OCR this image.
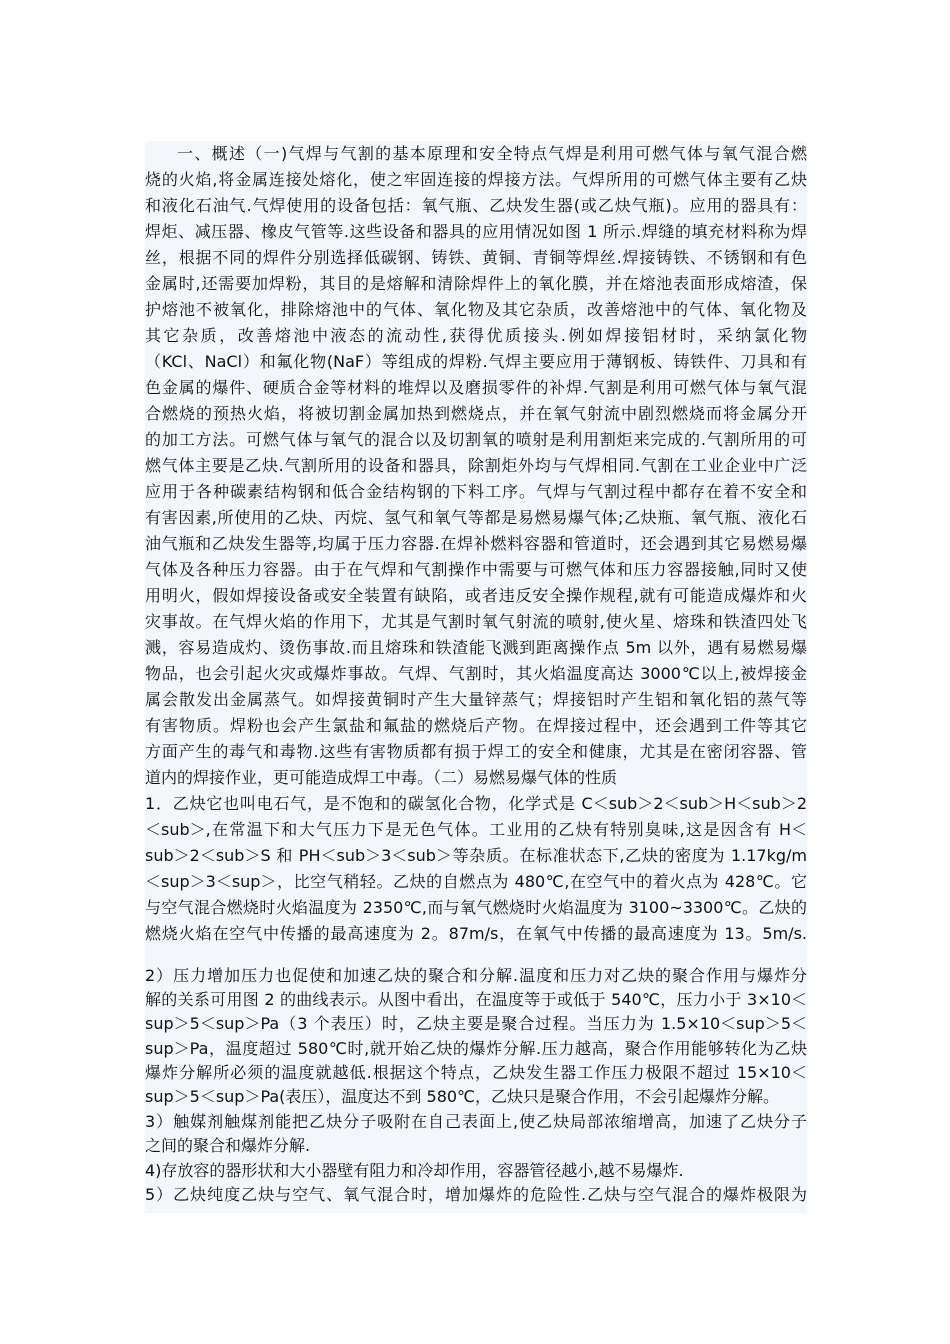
一、概述（一)气焊与气割的基本原理和安全特点气焊是利用可燃气体与氧气混合燃
烧的火焰,将金属连接处熔化，使之牢固连接的焊接方法。气焊所用的可燃气体主要有乙炔
和液化石油气.气焊使用的设备包括：氧气瓶、乙炔发生器(或乙炔气瓶)。应用的器具有：
焊炬、减压器、橡皮气管等.这些设备和器具的应用情况如图 1 所示.焊缝的填充材料称为焊
丝，根据不同的焊件分别选择低碳钢、铸铁、黄铜、青铜等焊丝.焊接铸铁、不锈钢和有色
金属时,还需要加焊粉，其目的是熔解和清除焊件上的氧化膜，并在熔池表面形成熔渣，保
护熔池不被氧化，排除熔池中的气体、氧化物及其它杂质，改善熔池中的气体、氧化物及
其它杂质，改善熔池中液态的流动性,获得优质接头.例如焊接铝材时，采纳氯化物
（KCl、NaCl）和氟化物(NaF）等组成的焊粉.气焊主要应用于薄钢板、铸铁件、刀具和有
色金属的爆件、硬质合金等材料的堆焊以及磨损零件的补焊.气割是利用可燃气体与氧气混
合燃烧的预热火焰，将被切割金属加热到燃烧点，并在氧气射流中剧烈燃烧而将金属分开
的加工方法。可燃气体与氧气的混合以及切割氧的喷射是利用割炬来完成的.气割所用的可
燃气体主要是乙炔.气割所用的设备和器具，除割炬外均与气焊相同.气割在工业企业中广泛
应用于各种碳素结构钢和低合金结构钢的下料工序。气焊与气割过程中都存在着不安全和
有害因素,所使用的乙炔、丙烷、氢气和氧气等都是易燃易爆气体;乙炔瓶、氧气瓶、液化石
油气瓶和乙炔发生器等,均属于压力容器.在焊补燃料容器和管道时，还会遇到其它易燃易爆
气体及各种压力容器。由于在气焊和气割操作中需要与可燃气体和压力容器接触,同时又使
用明火，假如焊接设备或安全装置有缺陷，或者违反安全操作规程,就有可能造成爆炸和火
灾事故。在气焊火焰的作用下，尤其是气割时氧气射流的喷射,使火星、熔珠和铁渣四处飞
溅，容易造成灼、烫伤事故.而且熔珠和铁渣能飞溅到距离操作点 5m 以外，遇有易燃易爆
物品，也会引起火灾或爆炸事故。气焊、气割时，其火焰温度高达 3000℃以上,被焊接金
属会散发出金属蒸气。如焊接黄铜时产生大量锌蒸气；焊接铝时产生铝和氧化铝的蒸气等
有害物质。焊粉也会产生氯盐和氟盐的燃烧后产物。在焊接过程中，还会遇到工件等其它
方面产生的毒气和毒物.这些有害物质都有损于焊工的安全和健康，尤其是在密闭容器、管
道内的焊接作业，更可能造成焊工中毒。（二）易燃易爆气体的性质
1．乙炔它也叫电石气，是不饱和的碳氢化合物，化学式是 C＜sub＞2＜sub＞H＜sub＞2
＜sub＞,在常温下和大气压力下是无色气体。工业用的乙炔有特别臭味,这是因含有 H＜
sub＞2＜sub＞S 和 PH＜sub＞3＜sub＞等杂质。在标准状态下,乙炔的密度为 1.17kg/m
＜sup＞3＜sup＞，比空气稍轻。乙炔的自燃点为 480℃,在空气中的着火点为 428℃。它
与空气混合燃烧时火焰温度为 2350℃,而与氧气燃烧时火焰温度为 3100~3300℃。乙炔的
燃烧火焰在空气中传播的最高速度为 2。87m/s，在氧气中传播的最高速度为 13。5m/s.
2）压力增加压力也促使和加速乙炔的聚合和分解.温度和压力对乙炔的聚合作用与爆炸分
解的关系可用图 2 的曲线表示。从图中看出，在温度等于或低于 540℃，压力小于 3×10＜
sup＞5＜sup＞Pa（3 个表压）时，乙炔主要是聚合过程。当压力为 1.5×10＜sup＞5＜
sup＞Pa，温度超过 580℃时,就开始乙炔的爆炸分解.压力越高，聚合作用能够转化为乙炔
爆炸分解所必须的温度就越低.根据这个特点，乙炔发生器工作压力极限不超过 15×10＜
sup＞5＜sup＞Pa(表压），温度达不到 580℃，乙炔只是聚合作用，不会引起爆炸分解。
3）触媒剂触煤剂能把乙炔分子吸附在自己表面上,使乙炔局部浓缩增高，加速了乙炔分子
之间的聚合和爆炸分解.
4)存放容的器形状和大小器壁有阻力和冷却作用，容器管径越小,越不易爆炸.
5）乙炔纯度乙炔与空气、氧气混合时，增加爆炸的危险性.乙炔与空气混合的爆炸极限为
